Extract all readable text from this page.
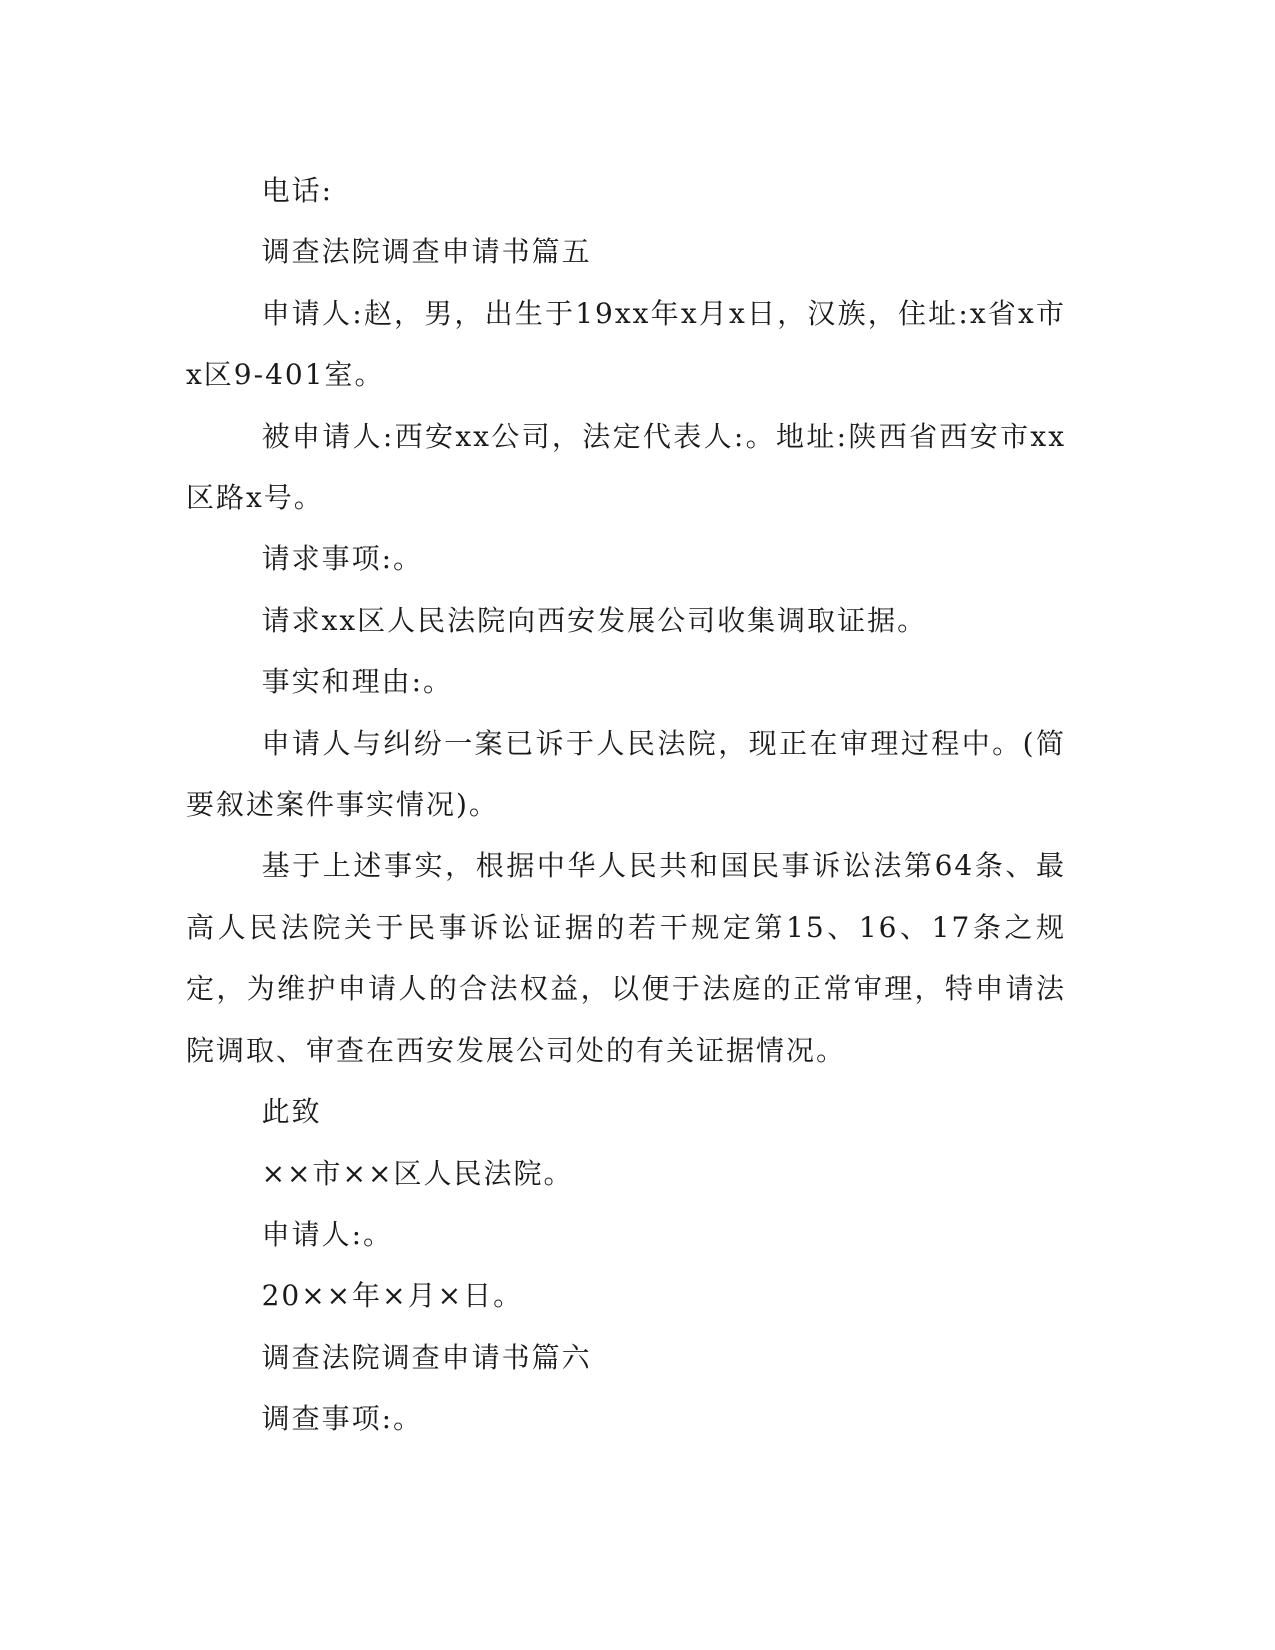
电话:

调查法院调查申请书篇五

申请人:赵，男，出生于19xx年x月x日，汉族，住址:x省x市x区9-401室。

被申请人:西安xx公司，法定代表人:。地址:陕西省西安市xx区路x号。

请求事项:。

请求xx区人民法院向西安发展公司收集调取证据。

事实和理由:。

申请人与纠纷一案已诉于人民法院，现正在审理过程中。(简要叙述案件事实情况)。

基于上述事实，根据中华人民共和国民事诉讼法第64条、最高人民法院关于民事诉讼证据的若干规定第15、16、17条之规定，为维护申请人的合法权益，以便于法庭的正常审理，特申请法院调取、审查在西安发展公司处的有关证据情况。

此致

××市××区人民法院。

申请人:。

20××年×月×日。

调查法院调查申请书篇六

调查事项:。
